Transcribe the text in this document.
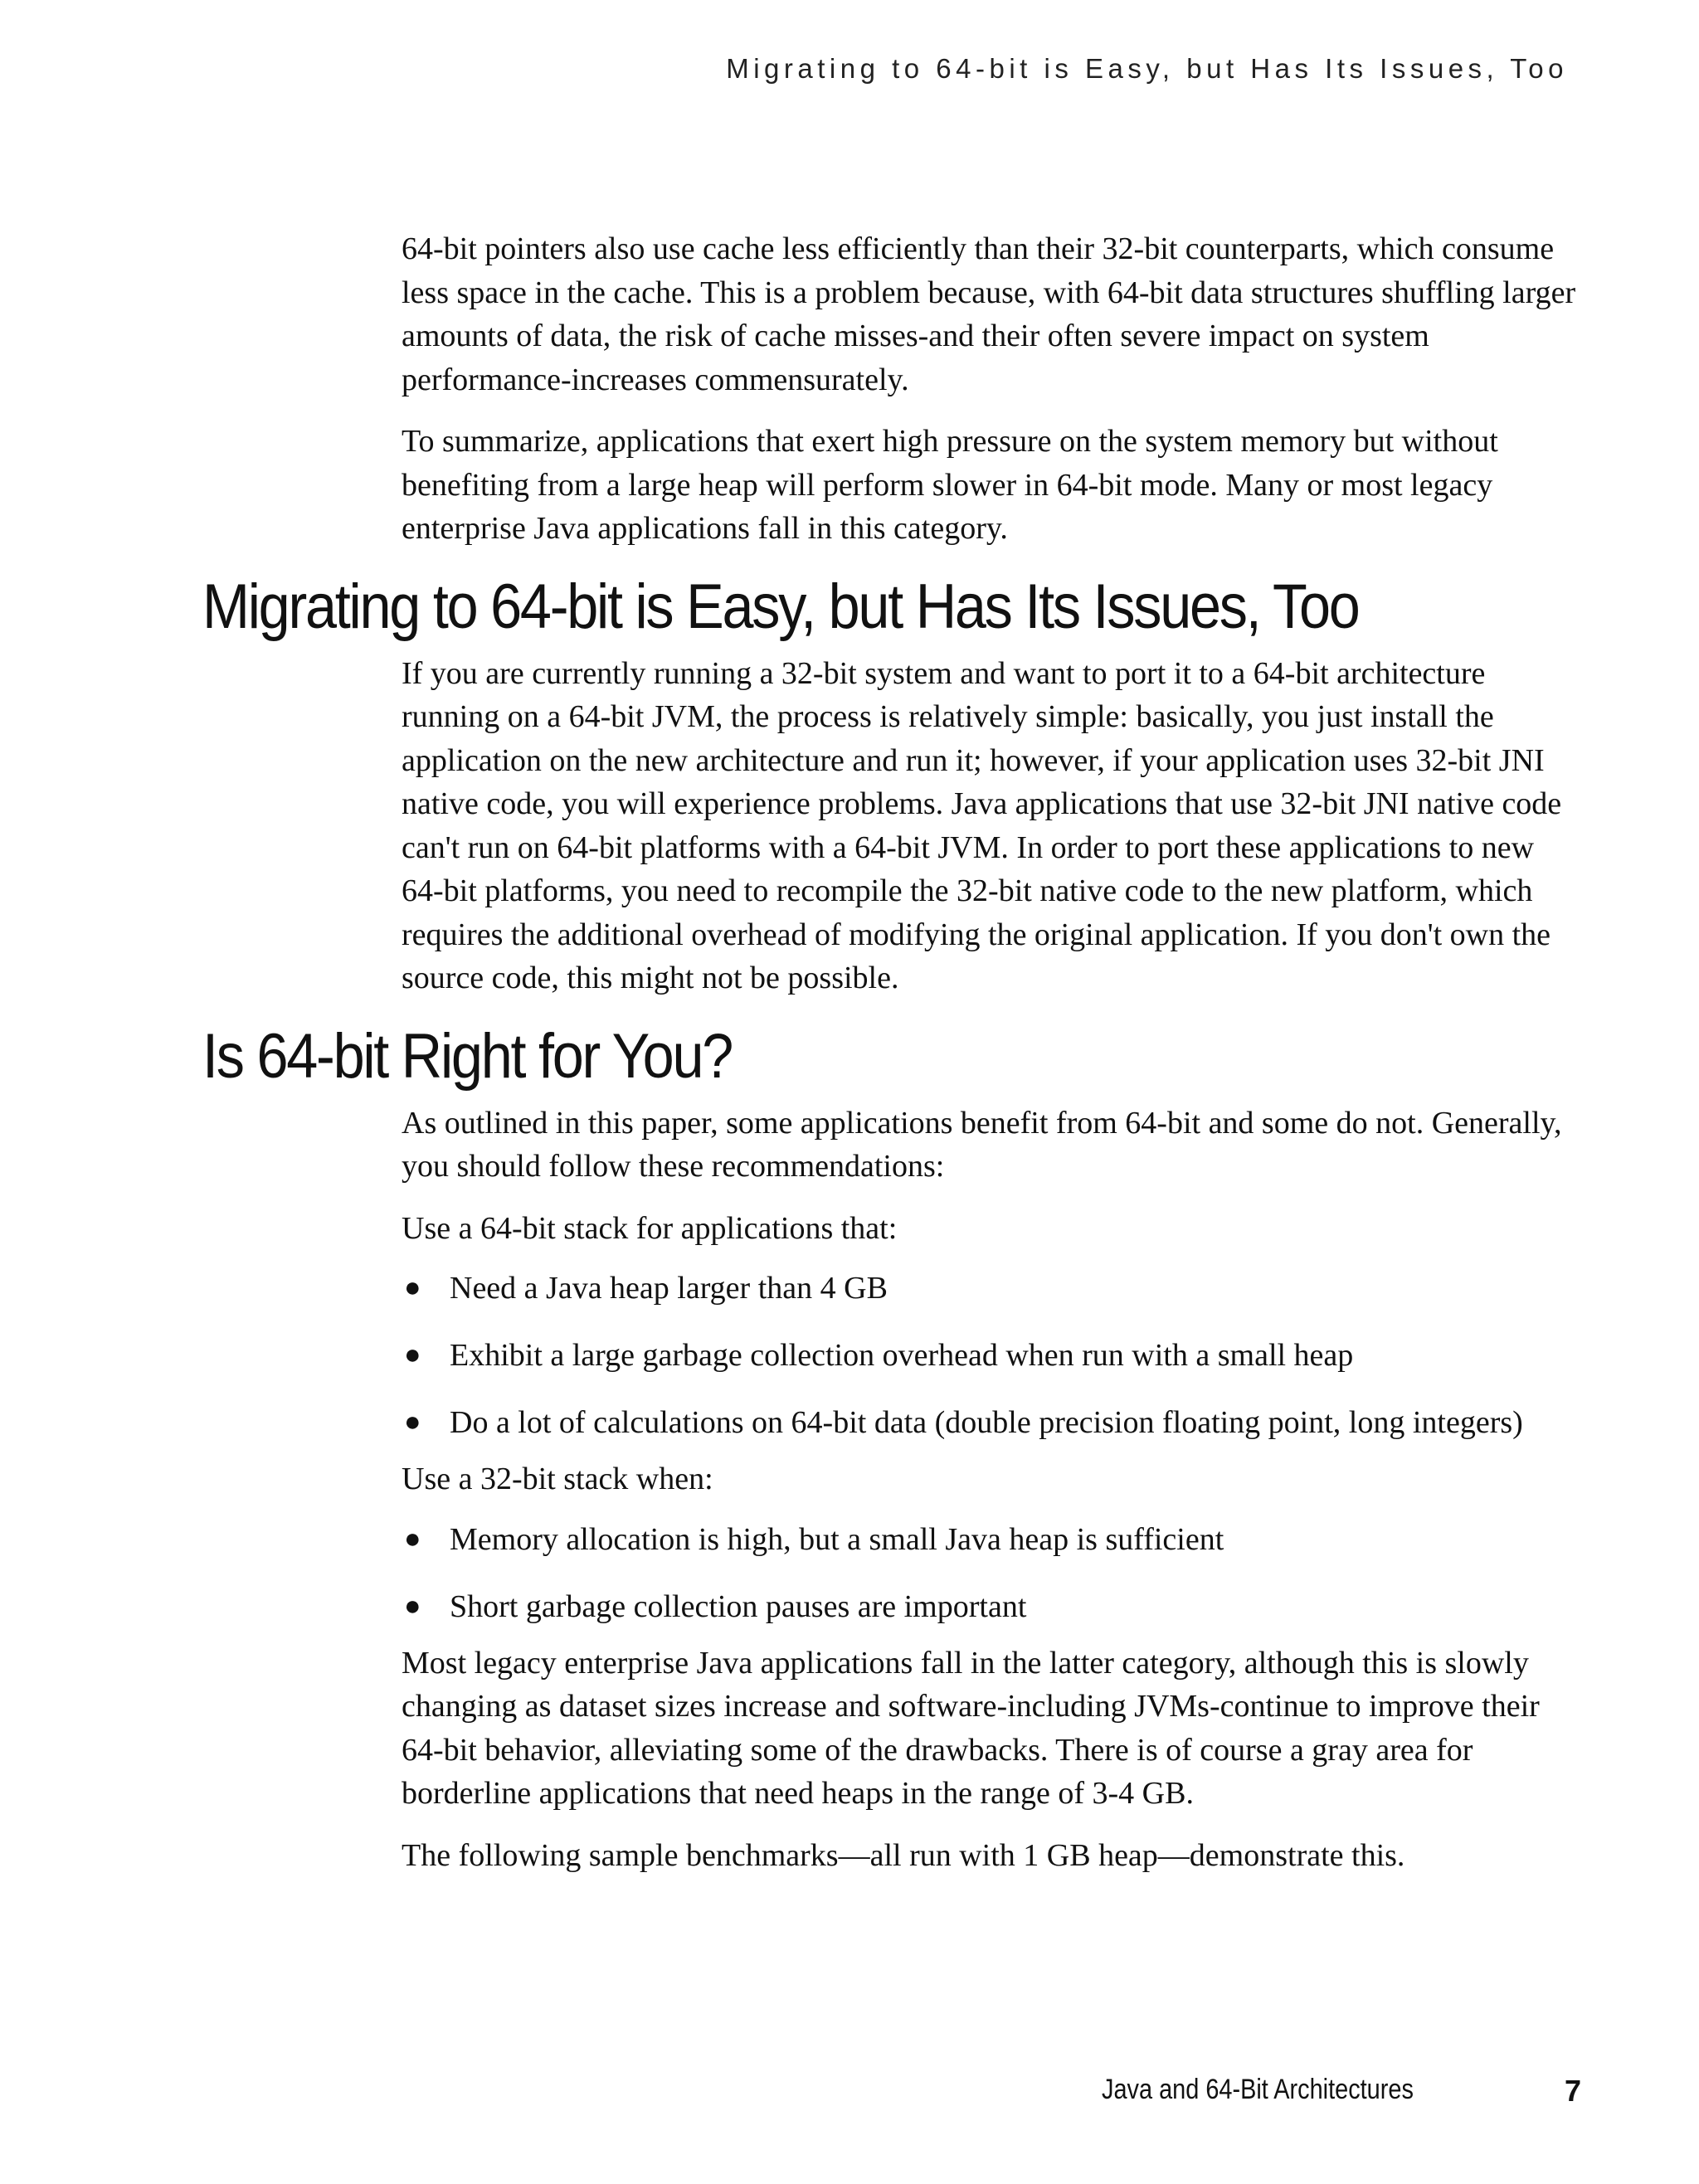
Migrating to 64-bit is Easy, but Has Its Issues, Too

64-bit pointers also use cache less efficiently than their 32-bit counterparts, which consume less space in the cache. This is a problem because, with 64-bit data structures shuffling larger amounts of data, the risk of cache misses-and their often severe impact on system performance-increases commensurately.

To summarize, applications that exert high pressure on the system memory but without benefiting from a large heap will perform slower in 64-bit mode. Many or most legacy enterprise Java applications fall in this category.

Migrating to 64-bit is Easy, but Has Its Issues, Too

If you are currently running a 32-bit system and want to port it to a 64-bit architecture running on a 64-bit JVM, the process is relatively simple: basically, you just install the application on the new architecture and run it; however, if your application uses 32-bit JNI native code, you will experience problems. Java applications that use 32-bit JNI native code can't run on 64-bit platforms with a 64-bit JVM. In order to port these applications to new 64-bit platforms, you need to recompile the 32-bit native code to the new platform, which requires the additional overhead of modifying the original application. If you don't own the source code, this might not be possible.

Is 64-bit Right for You?

As outlined in this paper, some applications benefit from 64-bit and some do not. Generally, you should follow these recommendations:

Use a 64-bit stack for applications that:

● Need a Java heap larger than 4 GB
● Exhibit a large garbage collection overhead when run with a small heap
● Do a lot of calculations on 64-bit data (double precision floating point, long integers)

Use a 32-bit stack when:

● Memory allocation is high, but a small Java heap is sufficient
● Short garbage collection pauses are important

Most legacy enterprise Java applications fall in the latter category, although this is slowly changing as dataset sizes increase and software-including JVMs-continue to improve their 64-bit behavior, alleviating some of the drawbacks. There is of course a gray area for borderline applications that need heaps in the range of 3-4 GB.

The following sample benchmarks—all run with 1 GB heap—demonstrate this.

Java and 64-Bit Architectures	7
